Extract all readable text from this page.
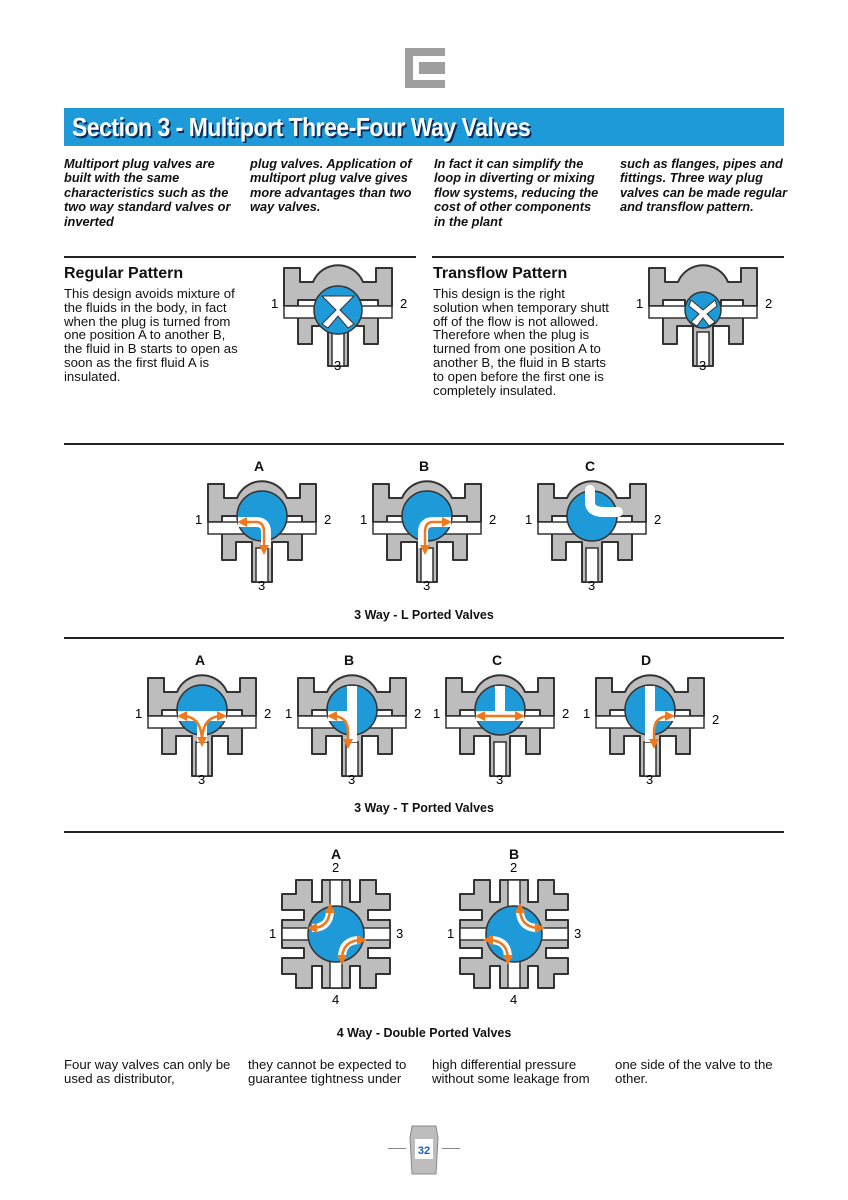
Section 3 - Multiport Three-Four Way Valves
Multiport plug valves are built with the same characteristics such as the two way standard valves or inverted
plug valves. Application of multiport plug valve gives more advantages than two way valves.
In fact it can simplify the loop in diverting or mixing flow systems, reducing the cost of other components in the plant
such as flanges, pipes and fittings. Three way plug valves can be made regular and transflow pattern.
Regular Pattern
This design avoids mixture of the fluids in the body, in fact when the plug is turned from one position A to another B, the fluid in B starts to open as soon as the first fluid A is insulated.
Transflow Pattern
This design is the right solution when temporary shutt off of the flow is not allowed. Therefore when the plug is turned from one position A to another B, the fluid in B starts to open before the first one is completely insulated.
1	2
3
1	2
3
A	B	C
1	2
3
1	2
3
1	2
3
3 Way - L Ported Valves
A	B	C	D
1	2
3
1	2
3
1	2
3
1	2
3
3 Way - T Ported Valves
A	B
2
1	3
4
2
1	3
4
4 Way - Double Ported Valves
Four way valves can only be used as distributor,
they cannot be expected to guarantee tightness under
high differential pressure without some leakage from
one side of the valve to the other.
32
